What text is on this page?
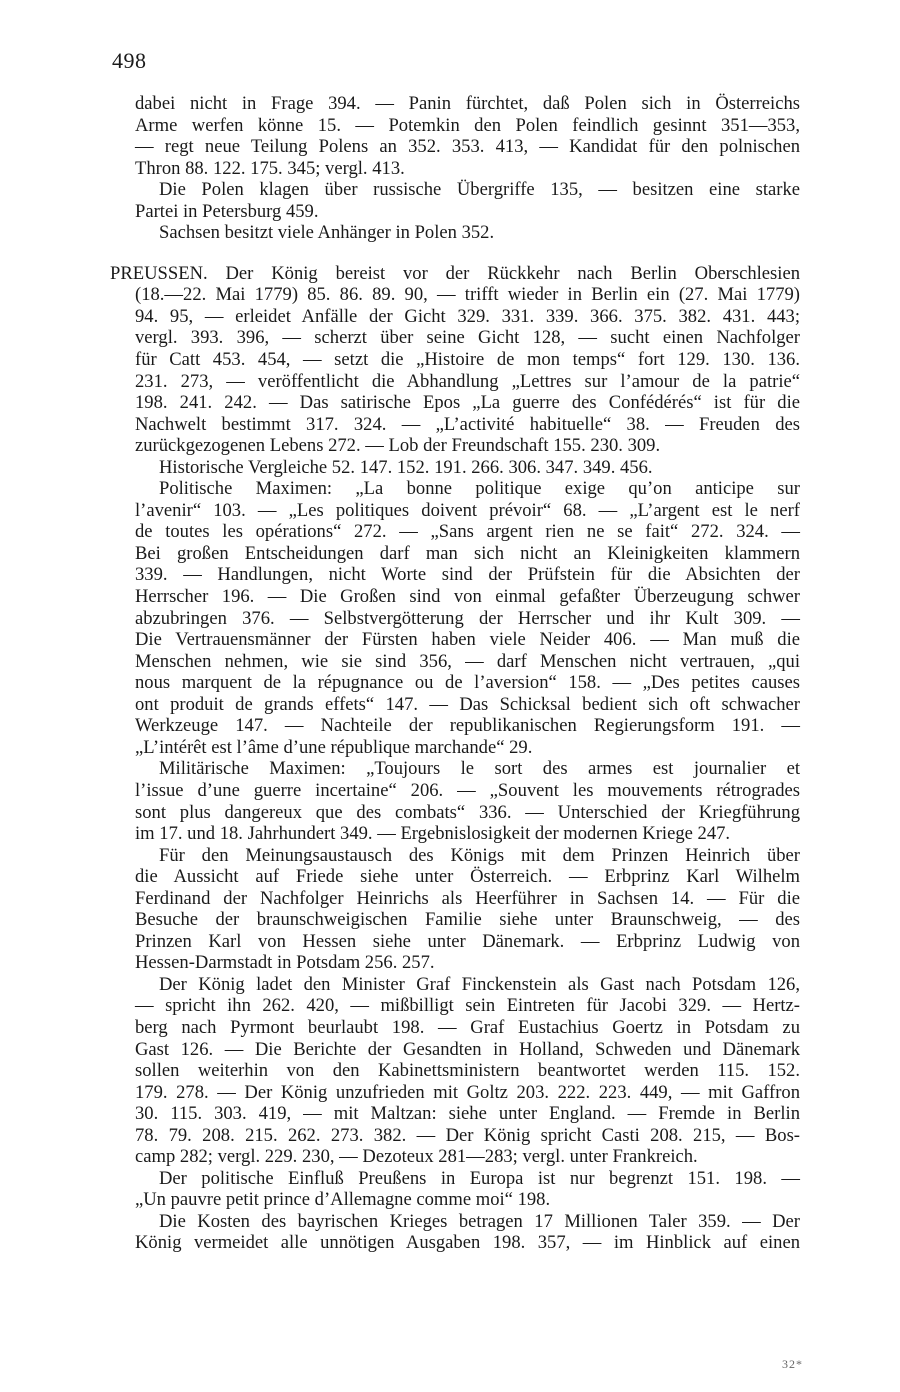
498
dabei nicht in Frage 394. — Panin fürchtet, daß Polen sich in Österreichs
Arme werfen könne 15. — Potemkin den Polen feindlich gesinnt 351—353,
— regt neue Teilung Polens an 352. 353. 413, — Kandidat für den polnischen
Thron 88. 122. 175. 345; vergl. 413.
Die Polen klagen über russische Übergriffe 135, — besitzen eine starke
Partei in Petersburg 459.
Sachsen besitzt viele Anhänger in Polen 352.
PREUSSEN. Der König bereist vor der Rückkehr nach Berlin Oberschlesien
(18.—22. Mai 1779) 85. 86. 89. 90, — trifft wieder in Berlin ein (27. Mai 1779)
94. 95, — erleidet Anfälle der Gicht 329. 331. 339. 366. 375. 382. 431. 443;
vergl. 393. 396, — scherzt über seine Gicht 128, — sucht einen Nachfolger
für Catt 453. 454, — setzt die „Histoire de mon temps“ fort 129. 130. 136.
231. 273, — veröffentlicht die Abhandlung „Lettres sur l’amour de la patrie“
198. 241. 242. — Das satirische Epos „La guerre des Confédérés“ ist für die
Nachwelt bestimmt 317. 324. — „L’activité habituelle“ 38. — Freuden des
zurückgezogenen Lebens 272. — Lob der Freundschaft 155. 230. 309.
Historische Vergleiche 52. 147. 152. 191. 266. 306. 347. 349. 456.
Politische Maximen: „La bonne politique exige qu’on anticipe sur
l’avenir“ 103. — „Les politiques doivent prévoir“ 68. — „L’argent est le nerf
de toutes les opérations“ 272. — „Sans argent rien ne se fait“ 272. 324. —
Bei großen Entscheidungen darf man sich nicht an Kleinigkeiten klammern
339. — Handlungen, nicht Worte sind der Prüfstein für die Absichten der
Herrscher 196. — Die Großen sind von einmal gefaßter Überzeugung schwer
abzubringen 376. — Selbstvergötterung der Herrscher und ihr Kult 309. —
Die Vertrauensmänner der Fürsten haben viele Neider 406. — Man muß die
Menschen nehmen, wie sie sind 356, — darf Menschen nicht vertrauen, „qui
nous marquent de la répugnance ou de l’aversion“ 158. — „Des petites causes
ont produit de grands effets“ 147. — Das Schicksal bedient sich oft schwacher
Werkzeuge 147. — Nachteile der republikanischen Regierungsform 191. —
„L’intérêt est l’âme d’une république marchande“ 29.
Militärische Maximen: „Toujours le sort des armes est journalier et
l’issue d’une guerre incertaine“ 206. — „Souvent les mouvements rétrogrades
sont plus dangereux que des combats“ 336. — Unterschied der Kriegführung
im 17. und 18. Jahrhundert 349. — Ergebnislosigkeit der modernen Kriege 247.
Für den Meinungsaustausch des Königs mit dem Prinzen Heinrich über
die Aussicht auf Friede siehe unter Österreich. — Erbprinz Karl Wilhelm
Ferdinand der Nachfolger Heinrichs als Heerführer in Sachsen 14. — Für die
Besuche der braunschweigischen Familie siehe unter Braunschweig, — des
Prinzen Karl von Hessen siehe unter Dänemark. — Erbprinz Ludwig von
Hessen-Darmstadt in Potsdam 256. 257.
Der König ladet den Minister Graf Finckenstein als Gast nach Potsdam 126,
— spricht ihn 262. 420, — mißbilligt sein Eintreten für Jacobi 329. — Hertz-
berg nach Pyrmont beurlaubt 198. — Graf Eustachius Goertz in Potsdam zu
Gast 126. — Die Berichte der Gesandten in Holland, Schweden und Dänemark
sollen weiterhin von den Kabinettsministern beantwortet werden 115. 152.
179. 278. — Der König unzufrieden mit Goltz 203. 222. 223. 449, — mit Gaffron
30. 115. 303. 419, — mit Maltzan: siehe unter England. — Fremde in Berlin
78. 79. 208. 215. 262. 273. 382. — Der König spricht Casti 208. 215, — Bos-
camp 282; vergl. 229. 230, — Dezoteux 281—283; vergl. unter Frankreich.
Der politische Einfluß Preußens in Europa ist nur begrenzt 151. 198. —
„Un pauvre petit prince d’Allemagne comme moi“ 198.
Die Kosten des bayrischen Krieges betragen 17 Millionen Taler 359. — Der
König vermeidet alle unnötigen Ausgaben 198. 357, — im Hinblick auf einen
32*
